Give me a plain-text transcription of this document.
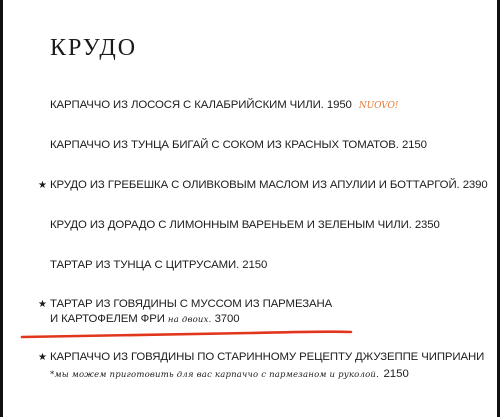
КРУДО
КАРПАЧЧО ИЗ ЛОСОСЯ С КАЛАБРИЙСКИМ ЧИЛИ. 1950 NUOVO!
КАРПАЧЧО ИЗ ТУНЦА БИГАЙ С СОКОМ ИЗ КРАСНЫХ ТОМАТОВ. 2150
★ КРУДО ИЗ ГРЕБЕШКА С ОЛИВКОВЫМ МАСЛОМ ИЗ АПУЛИИ И БОТТАРГОЙ. 2390
КРУДО ИЗ ДОРАДО С ЛИМОННЫМ ВАРЕНЬЕМ И ЗЕЛЕНЫМ ЧИЛИ. 2350
ТАРТАР ИЗ ТУНЦА С ЦИТРУСАМИ. 2150
★ ТАРТАР ИЗ ГОВЯДИНЫ С МУССОМ ИЗ ПАРМЕЗАНА
И КАРТОФЕЛЕМ ФРИ на двоих. 3700
★ КАРПАЧЧО ИЗ ГОВЯДИНЫ ПО СТАРИННОМУ РЕЦЕПТУ ДЖУЗЕППЕ ЧИПРИАНИ
*мы можем приготовить для вас карпаччо с пармезаном и руколой. 2150
